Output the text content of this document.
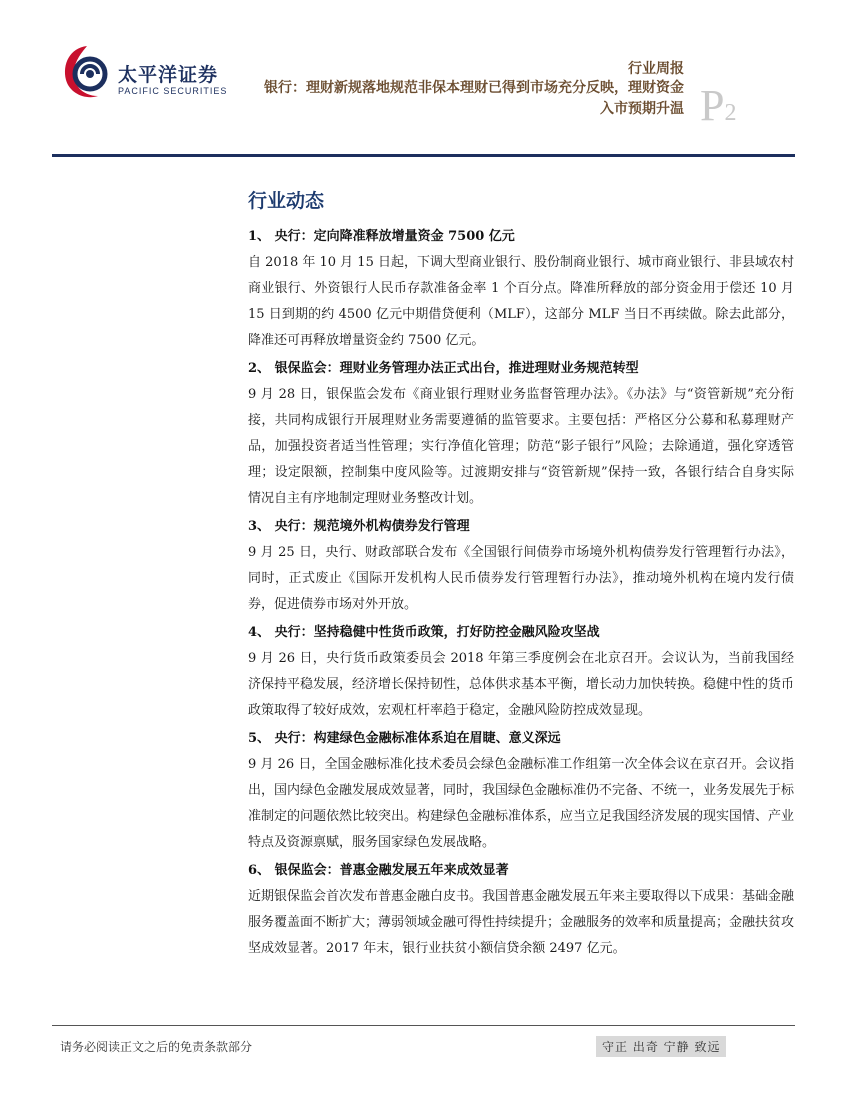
太平洋证券
PACIFIC SECURITIES
行业周报
银行：理财新规落地规范非保本理财已得到市场充分反映，理财资金
入市预期升温 P2
行业动态
1、 央行：定向降准释放增量资金 7500 亿元
自 2018 年 10 月 15 日起，下调大型商业银行、股份制商业银行、城市商业银行、非县域农村商业银行、外资银行人民币存款准备金率 1 个百分点。降准所释放的部分资金用于偿还 10 月 15 日到期的约 4500 亿元中期借贷便利（MLF），这部分 MLF 当日不再续做。除去此部分，降准还可再释放增量资金约 7500 亿元。
2、 银保监会：理财业务管理办法正式出台，推进理财业务规范转型
9 月 28 日，银保监会发布《商业银行理财业务监督管理办法》。《办法》与“资管新规”充分衔接，共同构成银行开展理财业务需要遵循的监管要求。主要包括：严格区分公募和私募理财产品，加强投资者适当性管理；实行净值化管理；防范“影子银行”风险；去除通道，强化穿透管理；设定限额，控制集中度风险等。过渡期安排与“资管新规”保持一致，各银行结合自身实际情况自主有序地制定理财业务整改计划。
3、 央行：规范境外机构债券发行管理
9 月 25 日，央行、财政部联合发布《全国银行间债券市场境外机构债券发行管理暂行办法》，同时，正式废止《国际开发机构人民币债券发行管理暂行办法》，推动境外机构在境内发行债券，促进债券市场对外开放。
4、 央行：坚持稳健中性货币政策，打好防控金融风险攻坚战
9 月 26 日，央行货币政策委员会 2018 年第三季度例会在北京召开。会议认为，当前我国经济保持平稳发展，经济增长保持韧性，总体供求基本平衡，增长动力加快转换。稳健中性的货币政策取得了较好成效，宏观杠杆率趋于稳定，金融风险防控成效显现。
5、 央行：构建绿色金融标准体系迫在眉睫、意义深远
9 月 26 日，全国金融标准化技术委员会绿色金融标准工作组第一次全体会议在京召开。会议指出，国内绿色金融发展成效显著，同时，我国绿色金融标准仍不完备、不统一，业务发展先于标准制定的问题依然比较突出。构建绿色金融标准体系，应当立足我国经济发展的现实国情、产业特点及资源禀赋，服务国家绿色发展战略。
6、 银保监会：普惠金融发展五年来成效显著
近期银保监会首次发布普惠金融白皮书。我国普惠金融发展五年来主要取得以下成果：基础金融服务覆盖面不断扩大；薄弱领域金融可得性持续提升；金融服务的效率和质量提高；金融扶贫攻坚成效显著。2017 年末，银行业扶贫小额信贷余额 2497 亿元。
请务必阅读正文之后的免责条款部分	守正 出奇 宁静 致远
